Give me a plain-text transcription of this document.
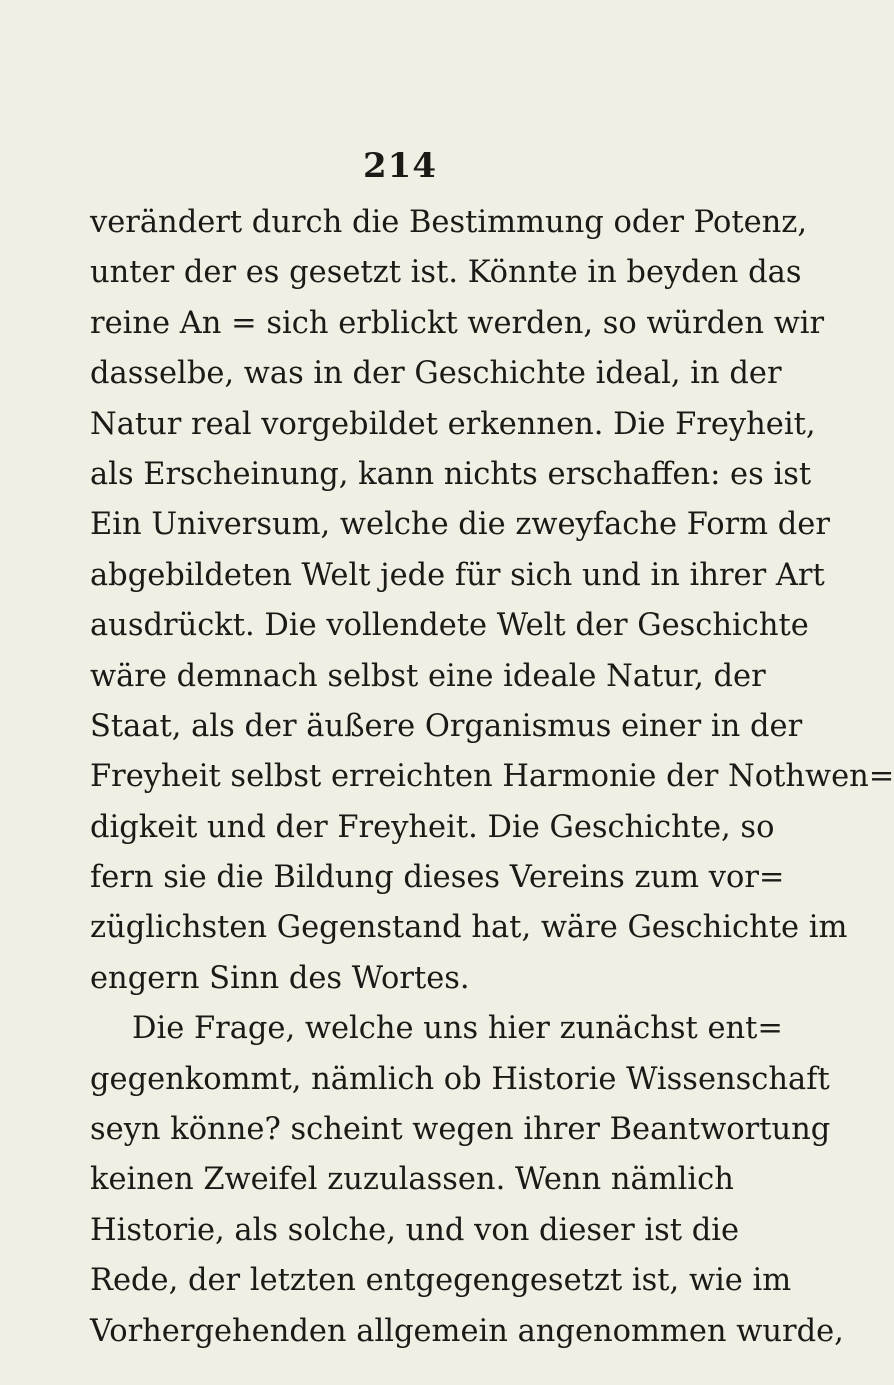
214
verändert durch die Bestimmung oder Potenz,
unter der es gesetzt ist. Könnte in beyden das
reine An = sich erblickt werden, so würden wir
dasselbe, was in der Geschichte ideal, in der
Natur real vorgebildet erkennen. Die Freyheit,
als Erscheinung, kann nichts erschaffen: es ist
Ein Universum, welche die zweyfache Form der
abgebildeten Welt jede für sich und in ihrer Art
ausdrückt. Die vollendete Welt der Geschichte
wäre demnach selbst eine ideale Natur, der
Staat, als der äußere Organismus einer in der
Freyheit selbst erreichten Harmonie der Nothwen=
digkeit und der Freyheit. Die Geschichte, so
fern sie die Bildung dieses Vereins zum vor=
züglichsten Gegenstand hat, wäre Geschichte im
engern Sinn des Wortes.
Die Frage, welche uns hier zunächst ent=
gegenkommt, nämlich ob Historie Wissenschaft
seyn könne? scheint wegen ihrer Beantwortung
keinen Zweifel zuzulassen. Wenn nämlich
Historie, als solche, und von dieser ist die
Rede, der letzten entgegengesetzt ist, wie im
Vorhergehenden allgemein angenommen wurde,
